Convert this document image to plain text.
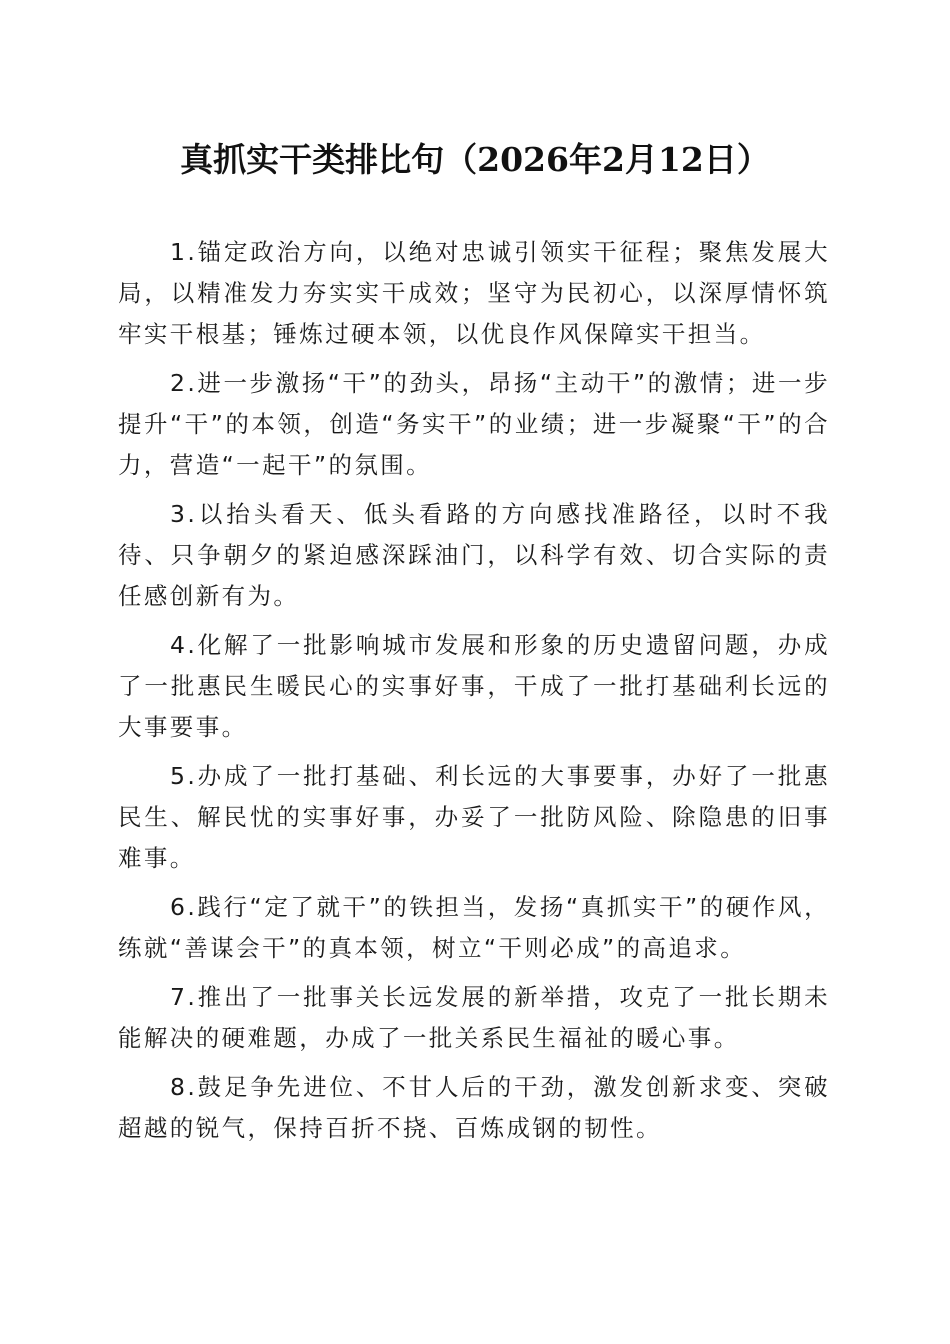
真抓实干类排比句（2026年2月12日）

1.锚定政治方向，以绝对忠诚引领实干征程；聚焦发展大局，以精准发力夯实实干成效；坚守为民初心，以深厚情怀筑牢实干根基；锤炼过硬本领，以优良作风保障实干担当。

2.进一步激扬“干”的劲头，昂扬“主动干”的激情；进一步提升“干”的本领，创造“务实干”的业绩；进一步凝聚“干”的合力，营造“一起干”的氛围。

3.以抬头看天、低头看路的方向感找准路径，以时不我待、只争朝夕的紧迫感深踩油门，以科学有效、切合实际的责任感创新有为。

4.化解了一批影响城市发展和形象的历史遗留问题，办成了一批惠民生暖民心的实事好事，干成了一批打基础利长远的大事要事。

5.办成了一批打基础、利长远的大事要事，办好了一批惠民生、解民忧的实事好事，办妥了一批防风险、除隐患的旧事难事。

6.践行“定了就干”的铁担当，发扬“真抓实干”的硬作风，练就“善谋会干”的真本领，树立“干则必成”的高追求。

7.推出了一批事关长远发展的新举措，攻克了一批长期未能解决的硬难题，办成了一批关系民生福祉的暖心事。

8.鼓足争先进位、不甘人后的干劲，激发创新求变、突破超越的锐气，保持百折不挠、百炼成钢的韧性。
